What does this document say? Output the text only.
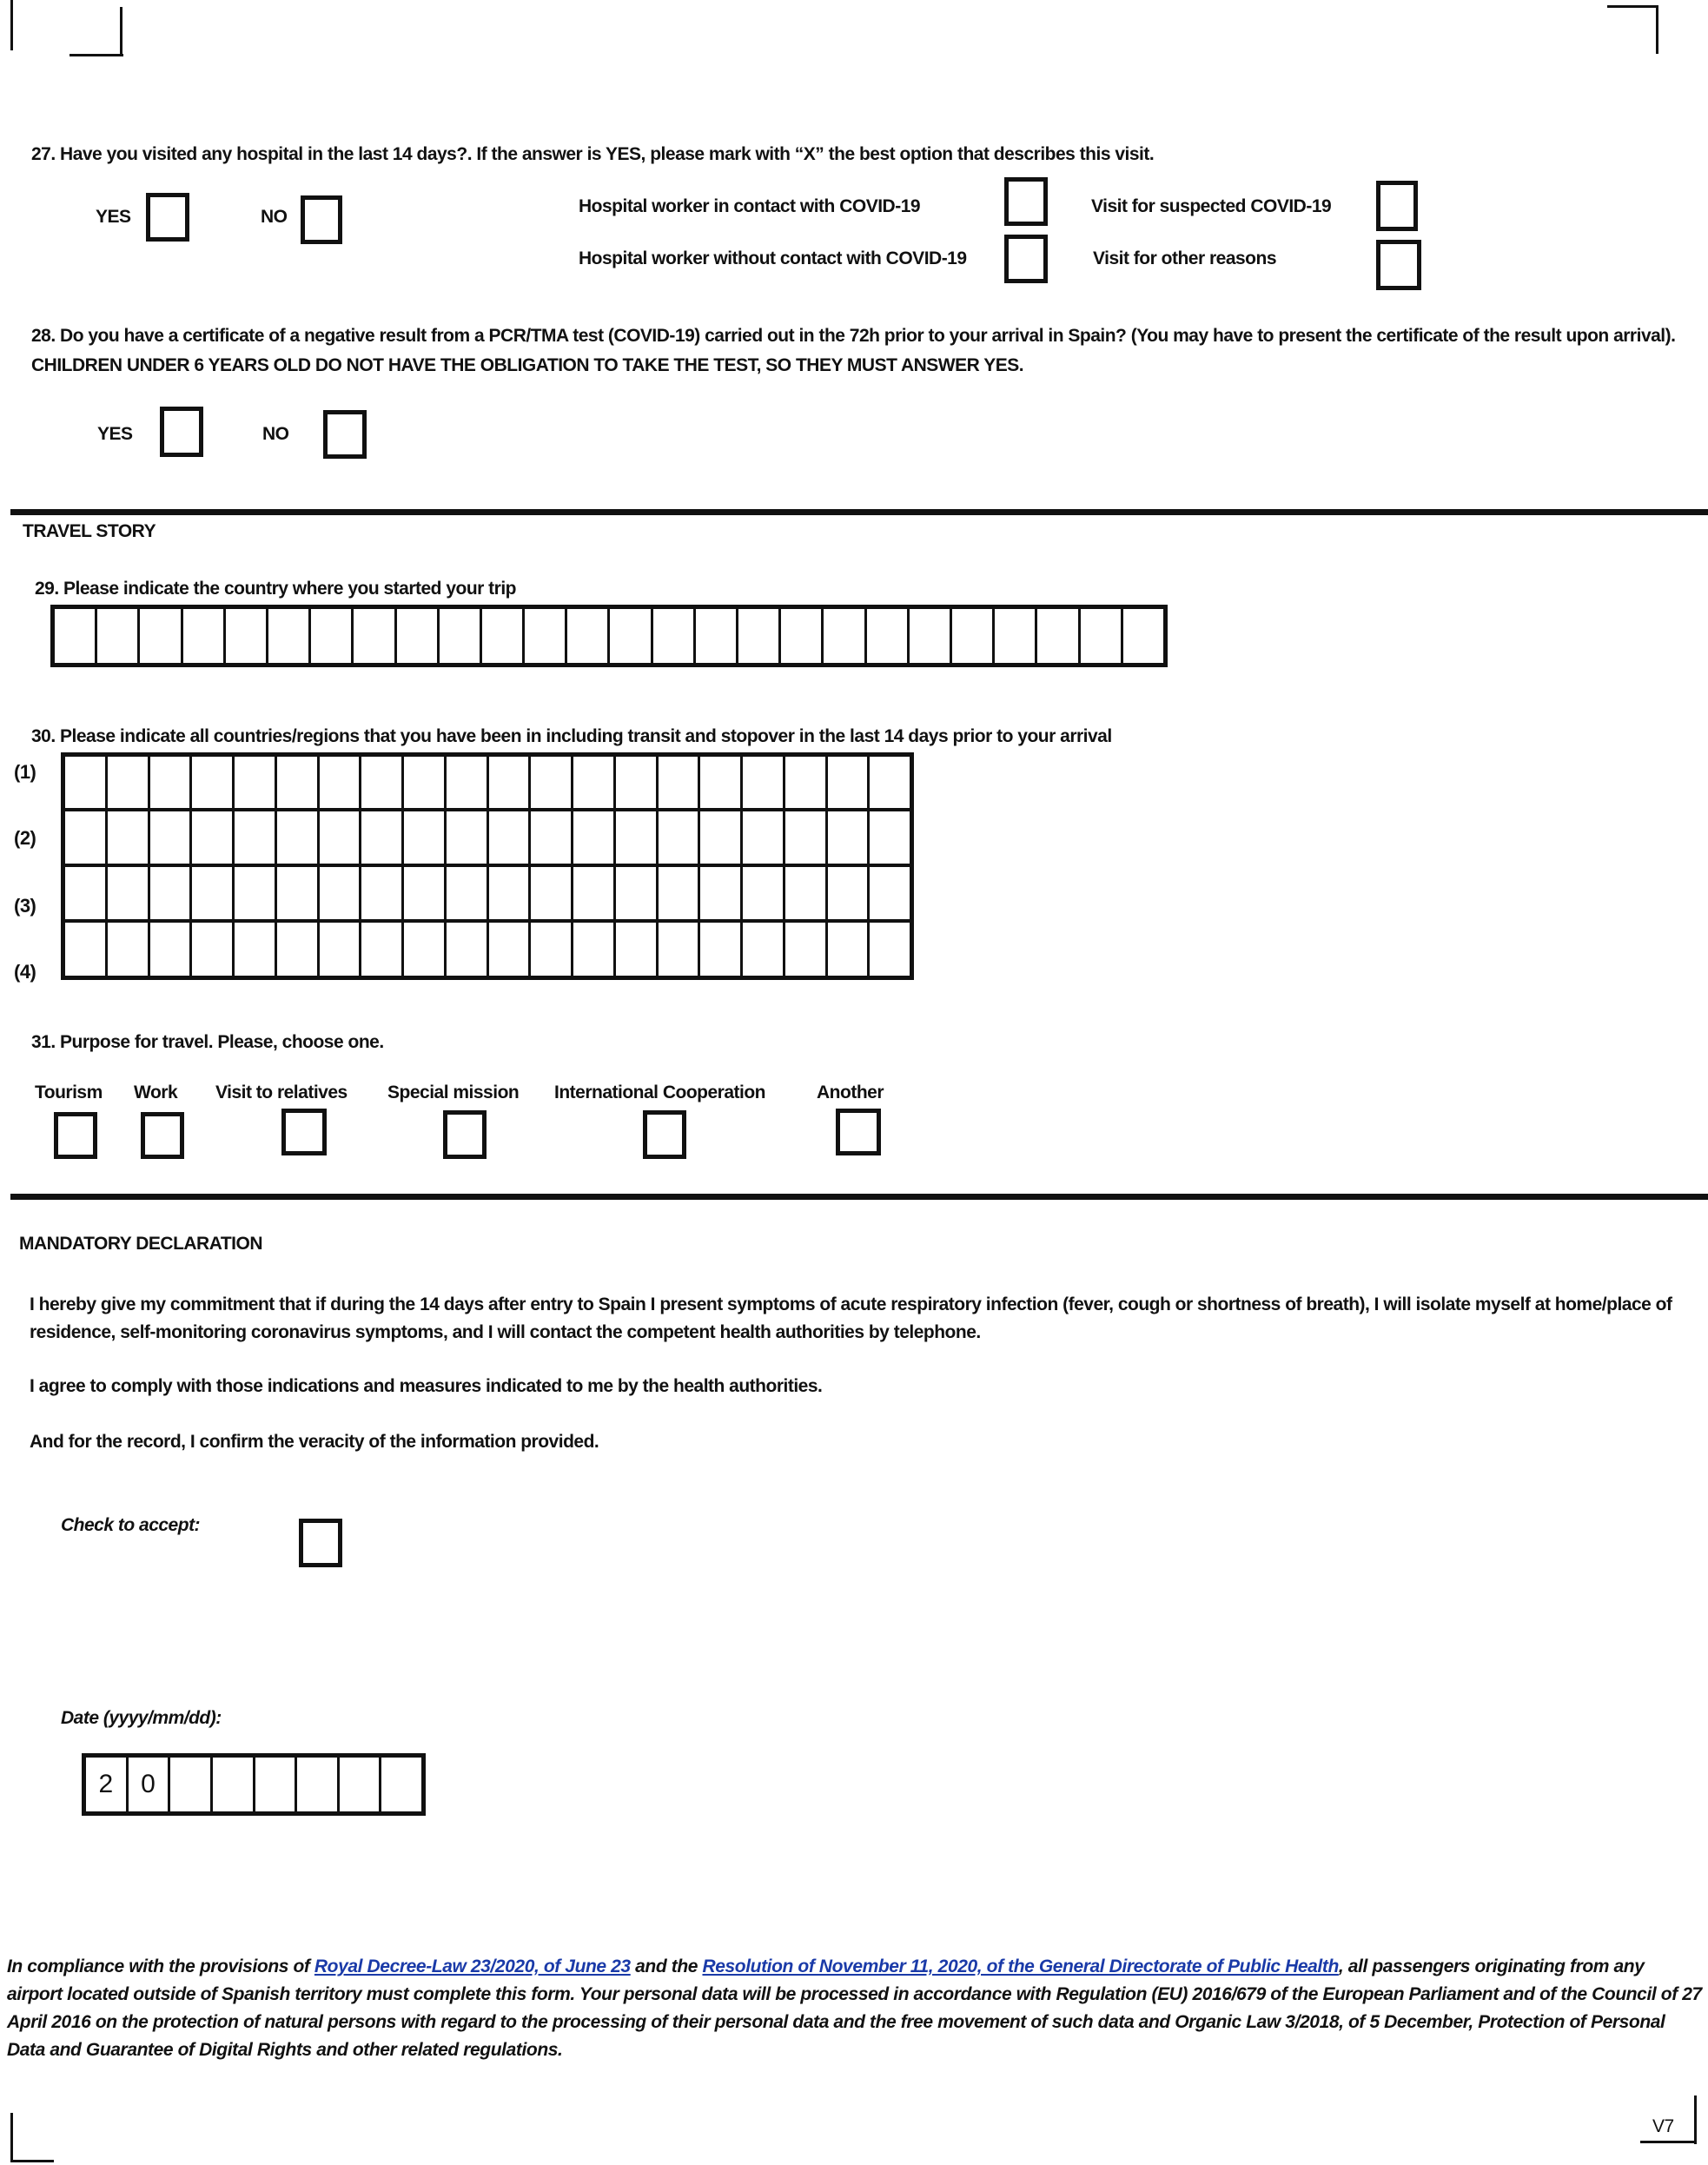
27. Have you visited any hospital in the last 14 days?. If the answer is YES, please mark with “X” the best option that describes this visit.
YES	NO
Hospital worker in contact with COVID-19	Visit for suspected COVID-19
Hospital worker without contact with COVID-19	Visit for other reasons
28. Do you have a certificate of a negative result from a PCR/TMA test (COVID-19) carried out in the 72h prior to your arrival in Spain? (You may have to present the certificate of the result upon arrival). CHILDREN UNDER 6 YEARS OLD DO NOT HAVE THE OBLIGATION TO TAKE THE TEST, SO THEY MUST ANSWER YES.
YES	NO
TRAVEL STORY
29. Please indicate the country where you started your trip
30. Please indicate all countries/regions that you have been in including transit and stopover in the last 14 days prior to your arrival
(1)
(2)
(3)
(4)
31. Purpose for travel. Please, choose one.
Tourism Work Visit to relatives Special mission International Cooperation	Another
MANDATORY DECLARATION
I hereby give my commitment that if during the 14 days after entry to Spain I present symptoms of acute respiratory infection (fever, cough or shortness of breath), I will isolate myself at home/place of residence, self-monitoring coronavirus symptoms, and I will contact the competent health authorities by telephone.
I agree to comply with those indications and measures indicated to me by the health authorities.
And for the record, I confirm the veracity of the information provided.
Check to accept:
Date (yyyy/mm/dd):
2	0
In compliance with the provisions of Royal Decree-Law 23/2020, of June 23 and the Resolution of November 11, 2020, of the General Directorate of Public Health, all passengers originating from any airport located outside of Spanish territory must complete this form. Your personal data will be processed in accordance with Regulation (EU) 2016/679 of the European Parliament and of the Council of 27 April 2016 on the protection of natural persons with regard to the processing of their personal data and the free movement of such data and Organic Law 3/2018, of 5 December, Protection of Personal Data and Guarantee of Digital Rights and other related regulations.
V7
